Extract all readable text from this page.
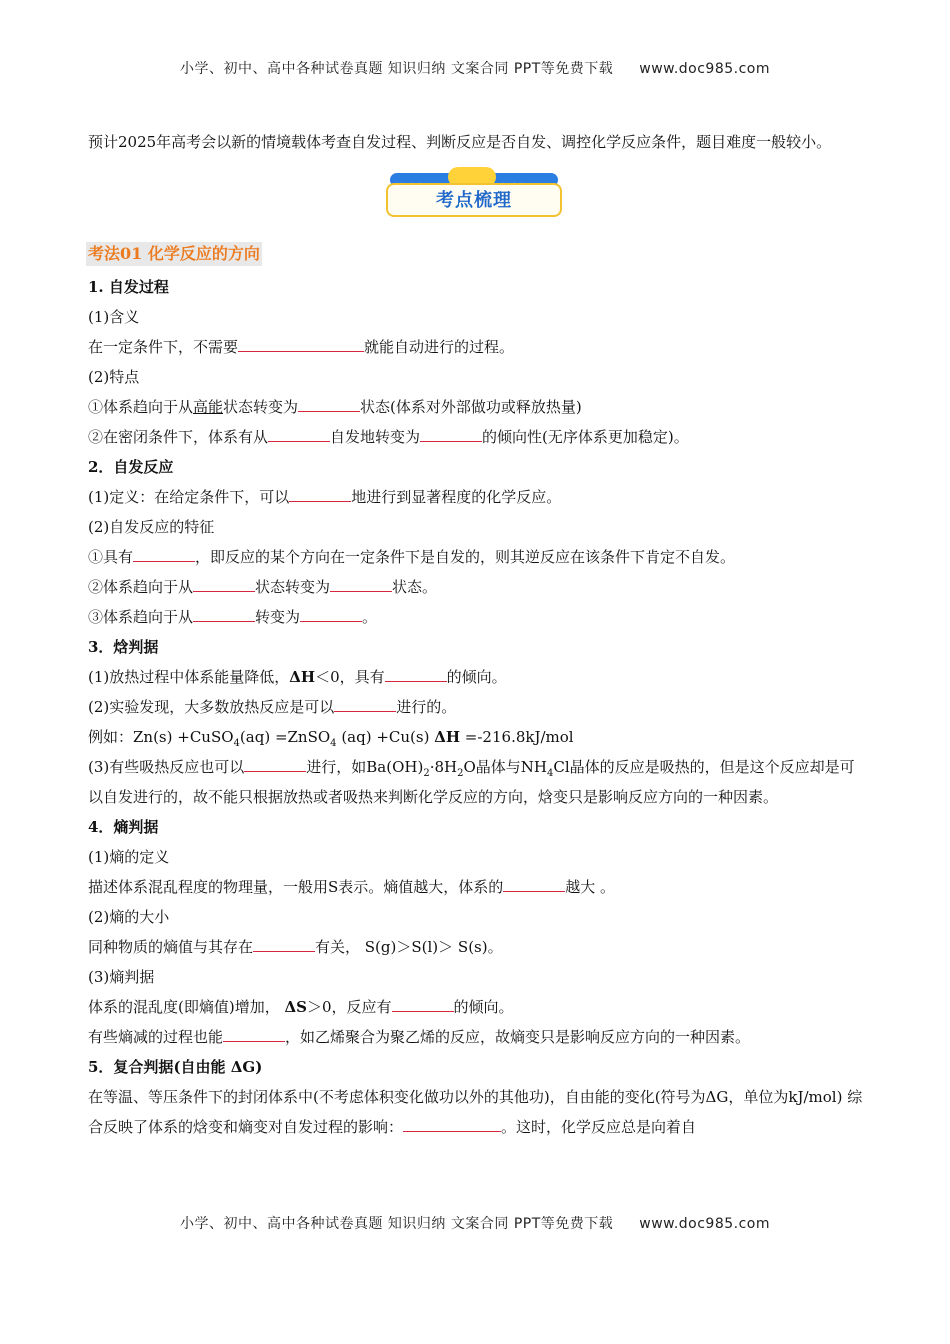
小学、初中、高中各种试卷真题 知识归纳 文案合同 PPT等免费下载 www.doc985.com
预计2025年高考会以新的情境载体考查自发过程、判断反应是否自发、调控化学反应条件，题目难度一般较小。
考点梳理
考法01 化学反应的方向
1. 自发过程
(1)含义
在一定条件下，不需要	就能自动进行的过程。
(2)特点
①体系趋向于从高能状态转变为	状态(体系对外部做功或释放热量)
②在密闭条件下，体系有从	自发地转变为	的倾向性(无序体系更加稳定)。
2．自发反应
(1)定义：在给定条件下，可以	地进行到显著程度的化学反应。
(2)自发反应的特征
①具有	，即反应的某个方向在一定条件下是自发的，则其逆反应在该条件下肯定不自发。
②体系趋向于从	状态转变为	状态。
③体系趋向于从	转变为	。
3．焓判据
(1)放热过程中体系能量降低，ΔH＜0，具有	的倾向。
(2)实验发现，大多数放热反应是可以	进行的。
例如：Zn(s) +CuSO$_4$(aq) =ZnSO$_4$ (aq) +Cu(s) ΔH =-216.8kJ/mol
(3)有些吸热反应也可以	进行，如$Ba(OH)_2\cdot 8H_2O$晶体与$NH_4Cl$晶体的反应是吸热的，但是这个反应却是可以自发进行的，故不能只根据放热或者吸热来判断化学反应的方向，焓变只是影响反应方向的一种因素。
4．熵判据
(1)熵的定义
描述体系混乱程度的物理量，一般用S表示。熵值越大，体系的	越大 。
(2)熵的大小
同种物质的熵值与其存在	有关， S(g)＞S(l)＞ S(s)。
(3)熵判据
体系的混乱度(即熵值)增加， ΔS＞0，反应有	的倾向。
有些熵减的过程也能	，如乙烯聚合为聚乙烯的反应，故熵变只是影响反应方向的一种因素。
5．复合判据(自由能 ΔG)
在等温、等压条件下的封闭体系中(不考虑体积变化做功以外的其他功)，自由能的变化(符号为ΔG，单位为kJ/mol) 综合反映了体系的焓变和熵变对自发过程的影响：	。这时，化学反应总是向着自
小学、初中、高中各种试卷真题 知识归纳 文案合同 PPT等免费下载 www.doc985.com
